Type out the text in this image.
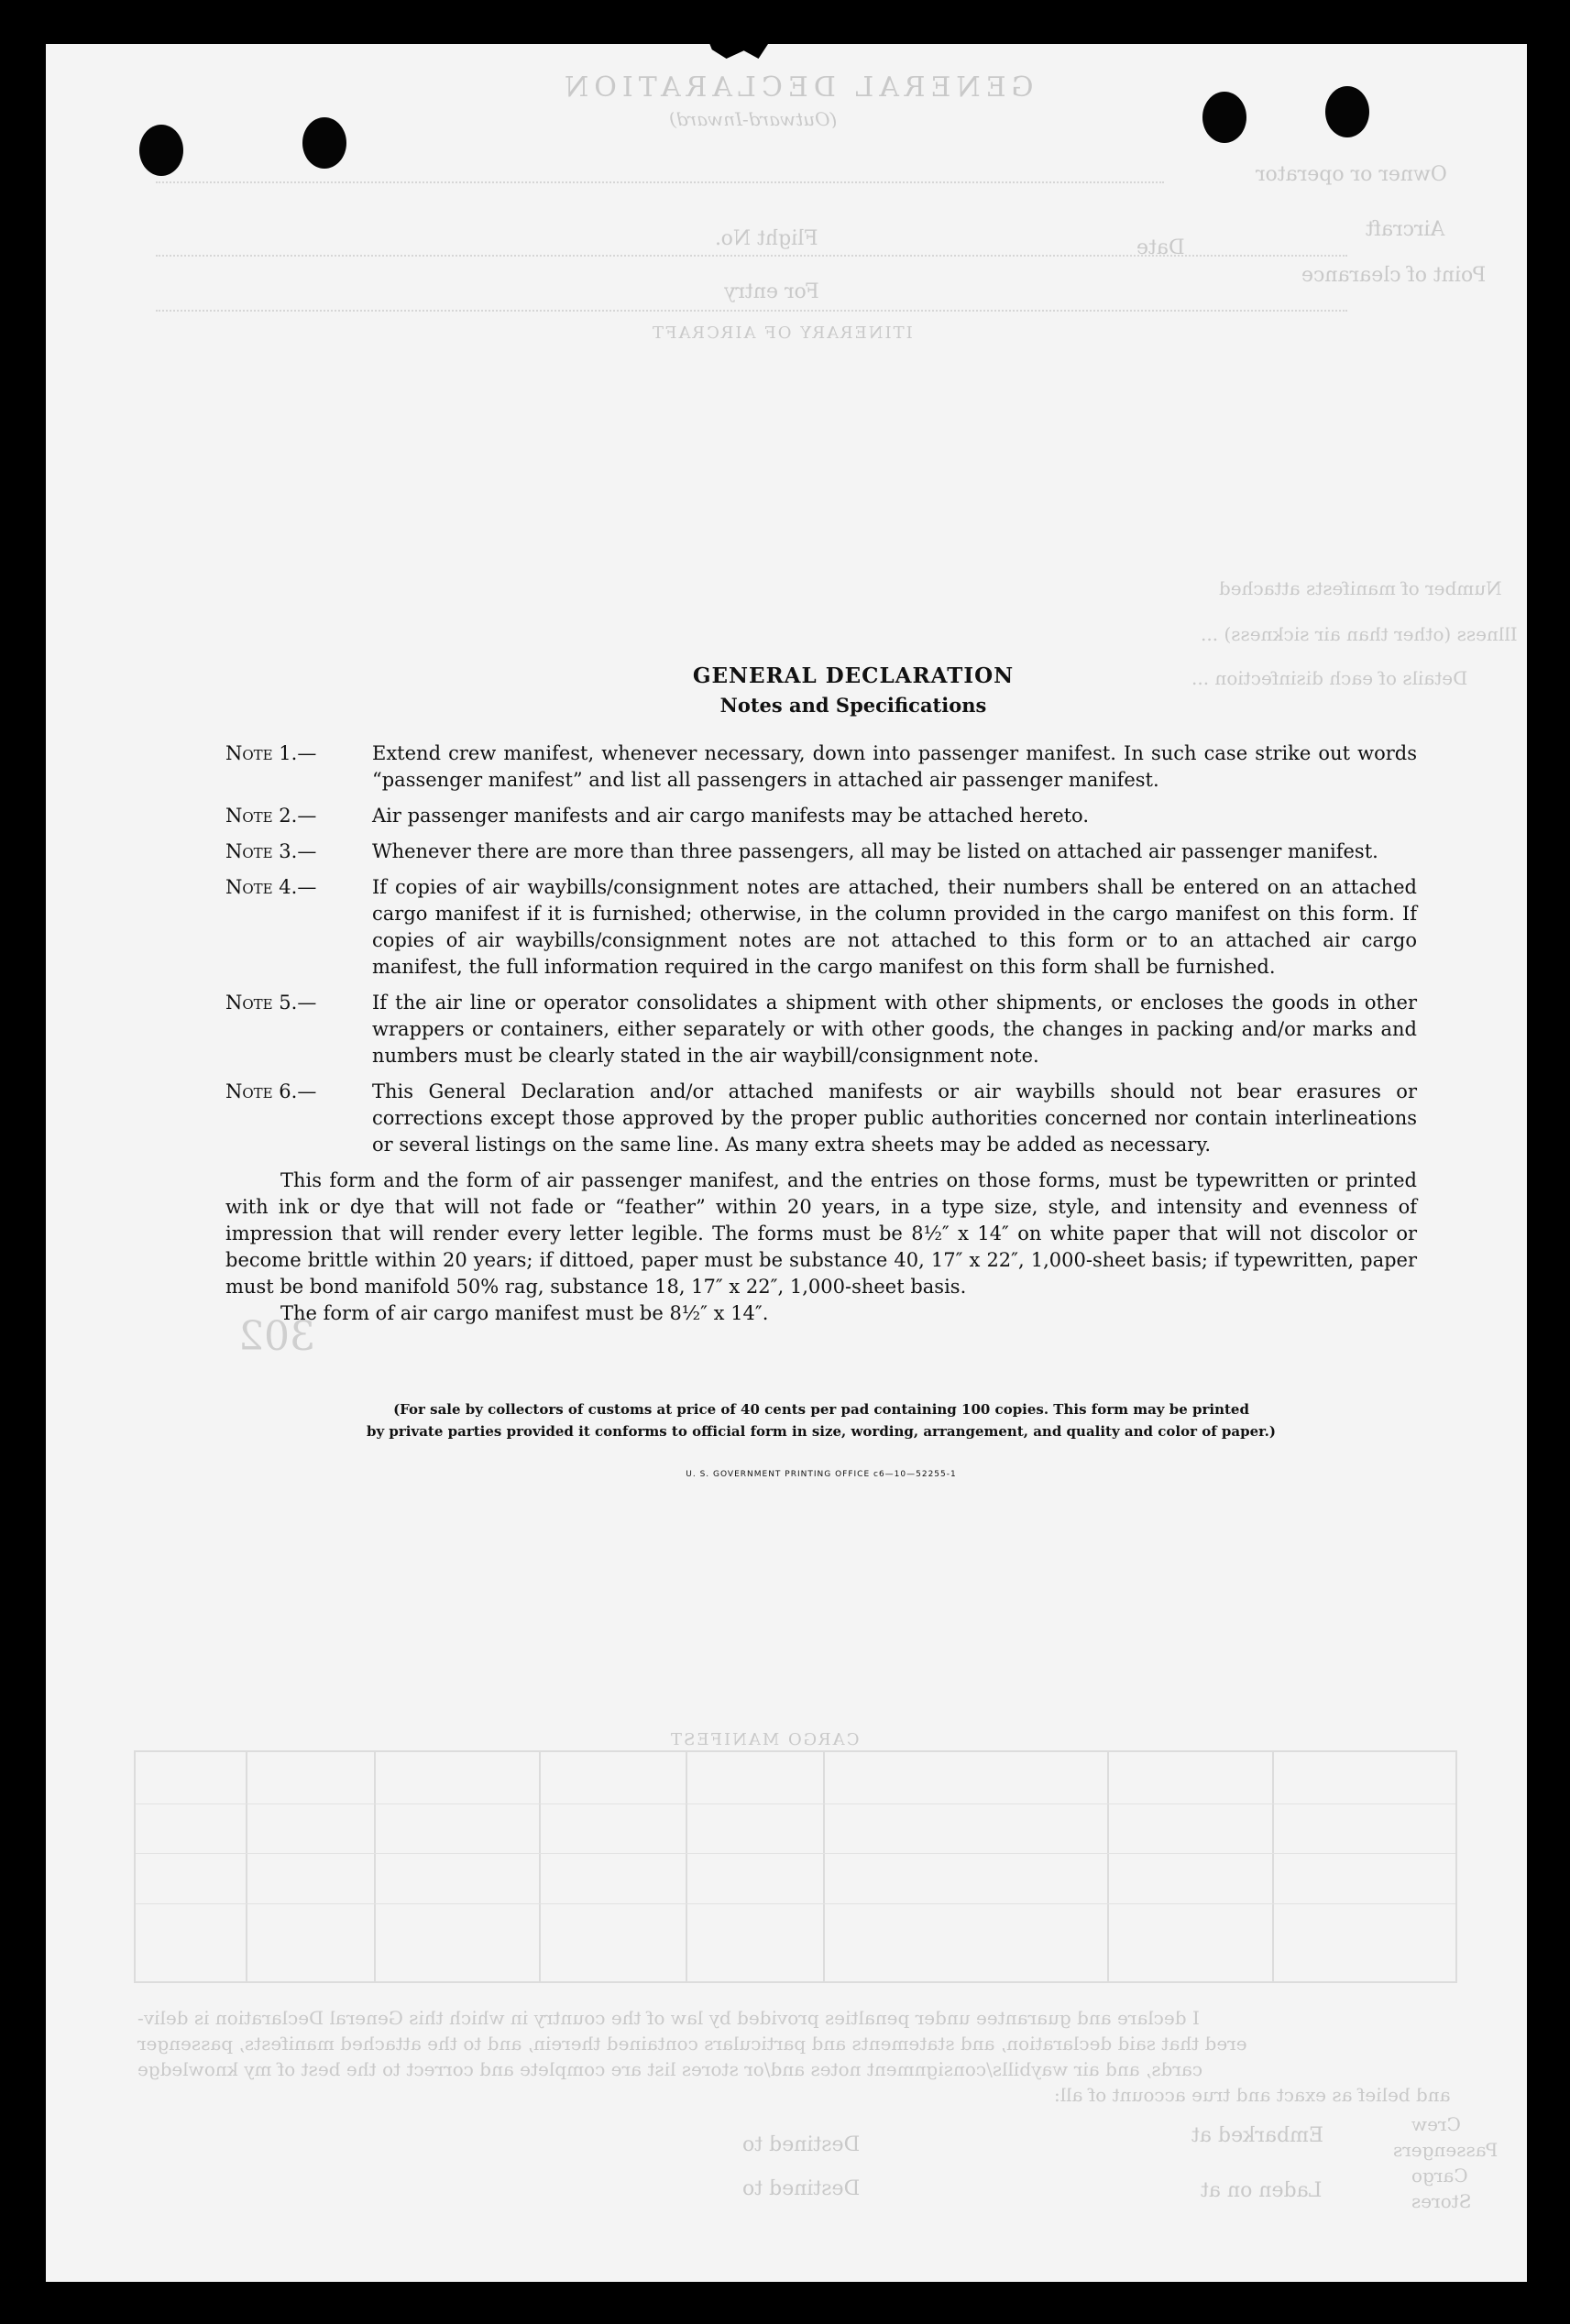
GENERAL DECLARATION
(Outward-Inward)
Owner or operator
Aircraft
Flight No.	Date
Point of clearance
For entry
ITINERARY OF AIRCRAFT
Number of manifests attached
Illness (other than air sickness) ...
Details of each disinfection ...
302
CARGO MANIFEST
I declare and guarantee under penalties provided by law of the country in which this General Declaration is deliv-
ered that said declaration, and statements and particulars contained therein, and to the attached manifests, passenger
cards, and air waybills/consignment notes and/or stores list are complete and correct to the best of my knowledge
and belief as exact and true account of all:
Crew
Passengers
Cargo
Stores
Embarked at
Laden on at
Destined to
Destined to
GENERAL DECLARATION
Notes and Specifications
Note 1.—	Extend crew manifest, whenever necessary, down into passenger manifest. In such case strike out words “passenger manifest” and list all passengers in attached air passenger manifest.
Note 2.—	Air passenger manifests and air cargo manifests may be attached hereto.
Note 3.—	Whenever there are more than three passengers, all may be listed on attached air passenger manifest.
Note 4.—	If copies of air waybills/consignment notes are attached, their numbers shall be entered on an attached cargo manifest if it is furnished; otherwise, in the column provided in the cargo manifest on this form. If copies of air waybills/consignment notes are not attached to this form or to an attached air cargo manifest, the full information required in the cargo manifest on this form shall be furnished.
Note 5.—	If the air line or operator consolidates a shipment with other shipments, or encloses the goods in other wrappers or containers, either separately or with other goods, the changes in packing and/or marks and numbers must be clearly stated in the air waybill/consignment note.
Note 6.—	This General Declaration and/or attached manifests or air waybills should not bear erasures or corrections except those approved by the proper public authorities concerned nor contain interlineations or several listings on the same line. As many extra sheets may be added as necessary.

This form and the form of air passenger manifest, and the entries on those forms, must be typewritten or printed with ink or dye that will not fade or “feather” within 20 years, in a type size, style, and intensity and evenness of impression that will render every letter legible. The forms must be 8½″ x 14″ on white paper that will not discolor or become brittle within 20 years; if dittoed, paper must be substance 40, 17″ x 22″, 1,000-sheet basis; if typewritten, paper must be bond manifold 50% rag, substance 18, 17″ x 22″, 1,000-sheet basis.

The form of air cargo manifest must be 8½″ x 14″.

(For sale by collectors of customs at price of 40 cents per pad containing 100 copies. This form may be printed
by private parties provided it conforms to official form in size, wording, arrangement, and quality and color of paper.)
U. S. GOVERNMENT PRINTING OFFICE c6—10—52255-1
